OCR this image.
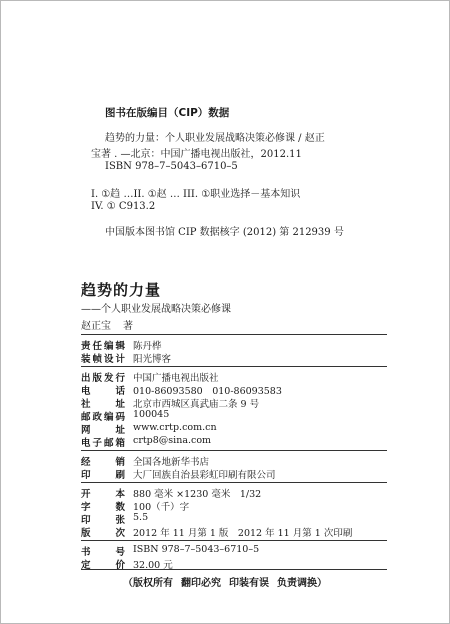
图书在版编目（CIP）数据
趋势的力量：个人职业发展战略决策必修课 / 赵正
宝著 . —北京：中国广播电视出版社，2012.11
ISBN 978–7–5043–6710–5
I. ①趋 …II. ①赵 … III. ①职业选择－基本知识
IV. ① C913.2
中国版本图书馆 CIP 数据核字 (2012) 第 212939 号
趋势的力量
——个人职业发展战略决策必修课
赵正宝 著
责任编辑 陈丹桦
装帧设计 阳光博客
出版发行 中国广播电视出版社
电　　话 010-86093580　010-86093583
社　　址 北京市西城区真武庙二条 9 号
邮政编码 100045
网　　址 www.crtp.com.cn
电子邮箱 crtp8@sina.com
经　　销 全国各地新华书店
印　　刷 大厂回族自治县彩虹印刷有限公司
开　　本 880 毫米 ×1230 毫米　1/32
字　　数 100（千）字
印　　张 5.5
版　　次 2012 年 11 月第 1 版　2012 年 11 月第 1 次印刷
书　　号 ISBN 978–7–5043–6710–5
定　　价 32.00 元
（版权所有 翻印必究 印装有误 负责调换）
